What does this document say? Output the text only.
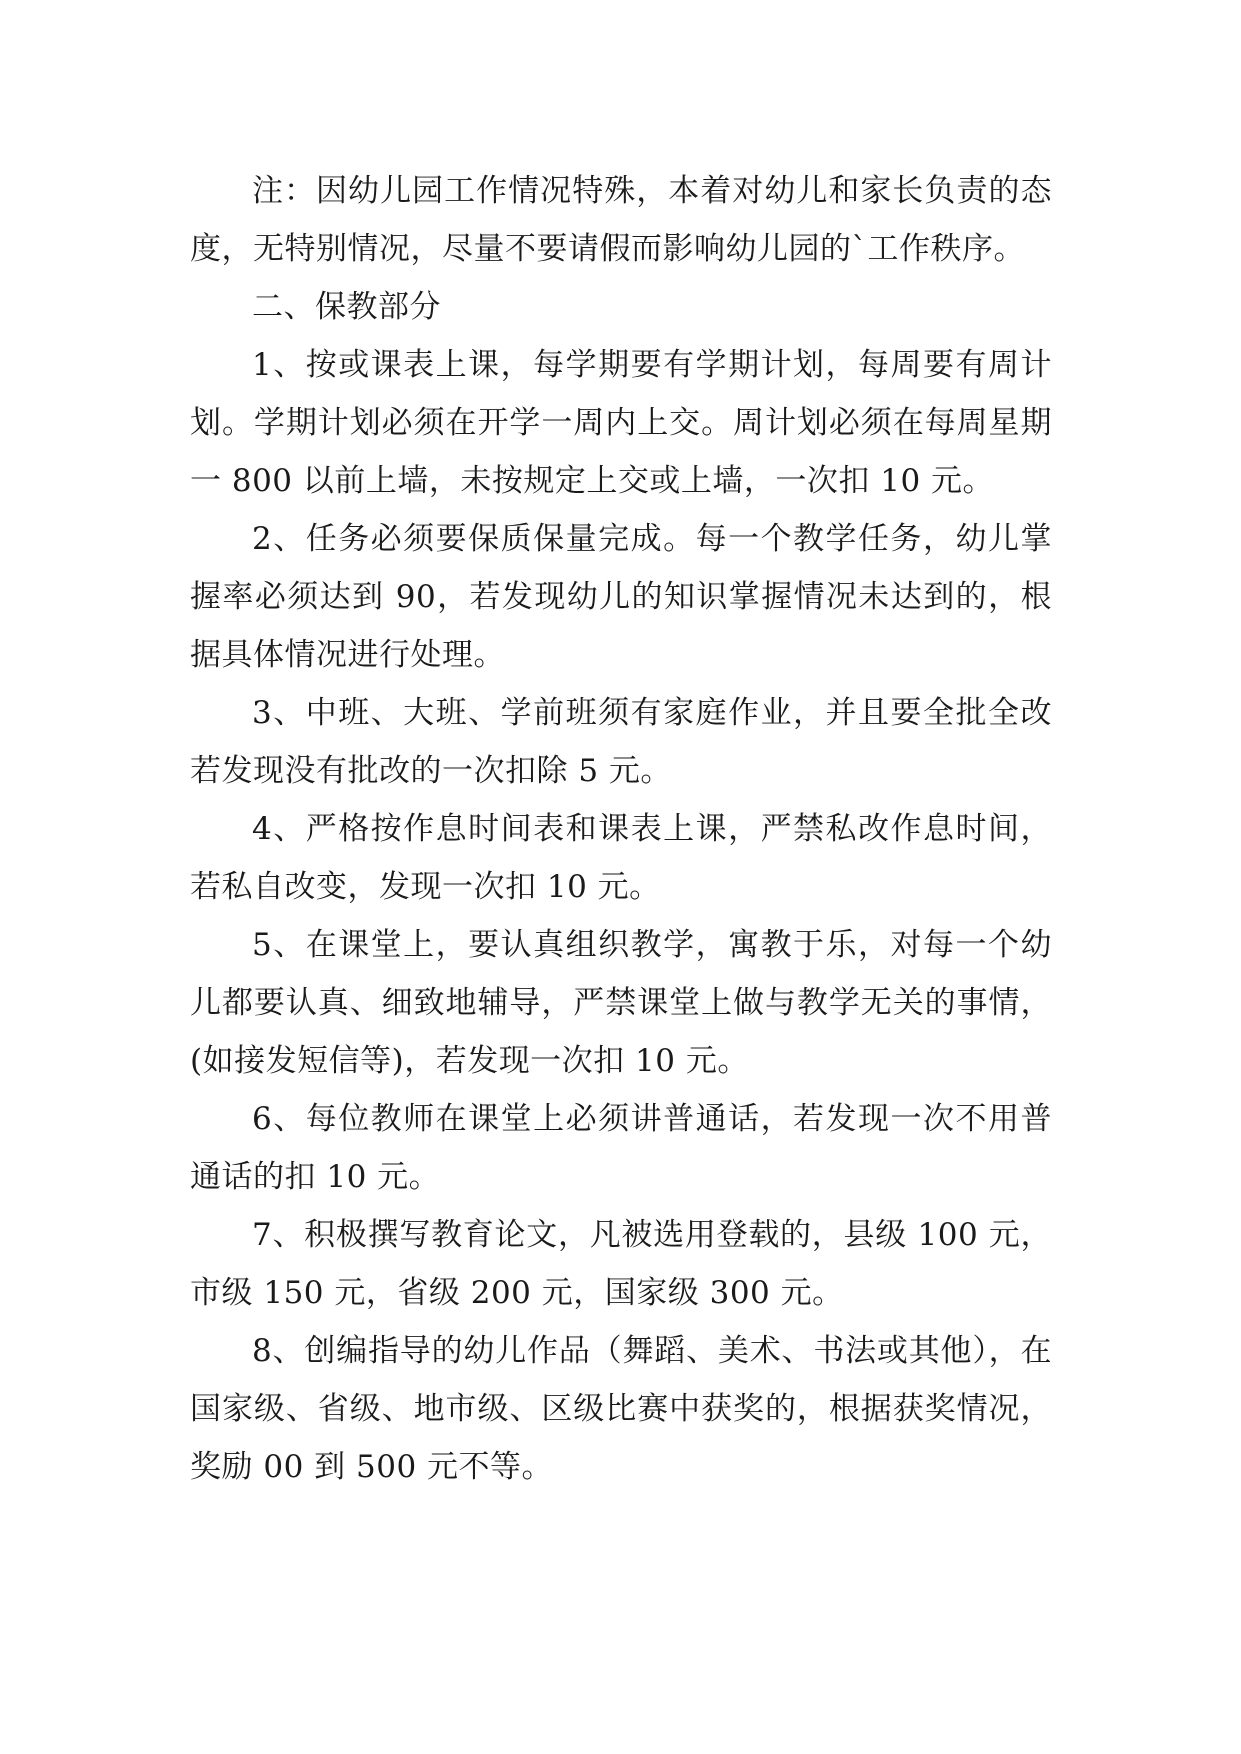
注：因幼儿园工作情况特殊，本着对幼儿和家长负责的态度，无特别情况，尽量不要请假而影响幼儿园的`工作秩序。

二、保教部分

1、按或课表上课，每学期要有学期计划，每周要有周计划。学期计划必须在开学一周内上交。周计划必须在每周星期一 800 以前上墙，未按规定上交或上墙，一次扣 10 元。

2、任务必须要保质保量完成。每一个教学任务，幼儿掌握率必须达到 90，若发现幼儿的知识掌握情况未达到的，根据具体情况进行处理。

3、中班、大班、学前班须有家庭作业，并且要全批全改若发现没有批改的一次扣除 5 元。

4、严格按作息时间表和课表上课，严禁私改作息时间，若私自改变，发现一次扣 10 元。

5、在课堂上，要认真组织教学，寓教于乐，对每一个幼儿都要认真、细致地辅导，严禁课堂上做与教学无关的事情，(如接发短信等)，若发现一次扣 10 元。

6、每位教师在课堂上必须讲普通话，若发现一次不用普通话的扣 10 元。

7、积极撰写教育论文，凡被选用登载的，县级 100 元，市级 150 元，省级 200 元，国家级 300 元。

8、创编指导的幼儿作品（舞蹈、美术、书法或其他），在国家级、省级、地市级、区级比赛中获奖的，根据获奖情况，奖励 00 到 500 元不等。
